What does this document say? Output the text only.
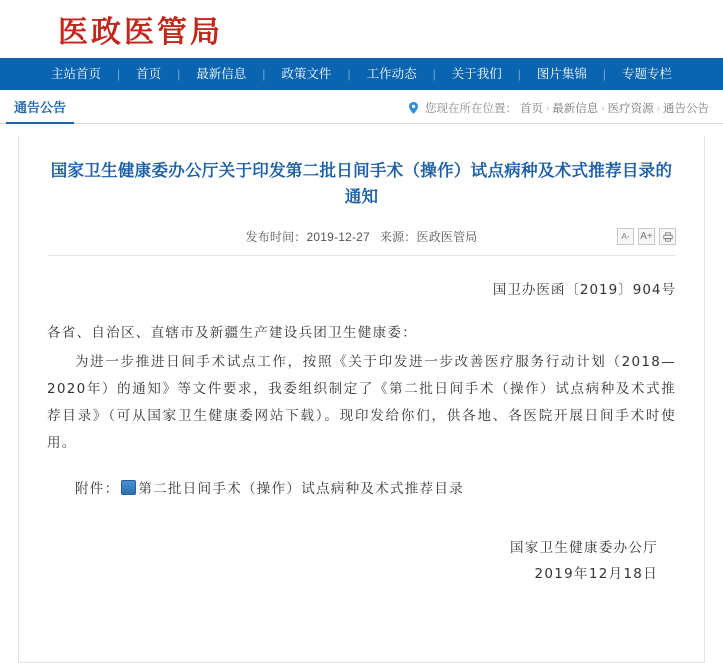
医政医管局
主站首页	|	首页	|	最新信息	|	政策文件	|	工作动态	|	关于我们	|	图片集锦	|	专题专栏
通告公告	您现在所在位置： 首页 › 最新信息 › 医疗资源 › 通告公告
国家卫生健康委办公厅关于印发第二批日间手术（操作）试点病种及术式推荐目录的通知
发布时间： 2019-12-27 来源： 医政医管局	A-	A+
国卫办医函〔2019〕904号

各省、自治区、直辖市及新疆生产建设兵团卫生健康委：

为进一步推进日间手术试点工作，按照《关于印发进一步改善医疗服务行动计划（2018—2020年）的通知》等文件要求，我委组织制定了《第二批日间手术（操作）试点病种及术式推荐目录》（可从国家卫生健康委网站下载）。现印发给你们，供各地、各医院开展日间手术时使用。

附件： W 第二批日间手术（操作）试点病种及术式推荐目录
国家卫生健康委办公厅
2019年12月18日
